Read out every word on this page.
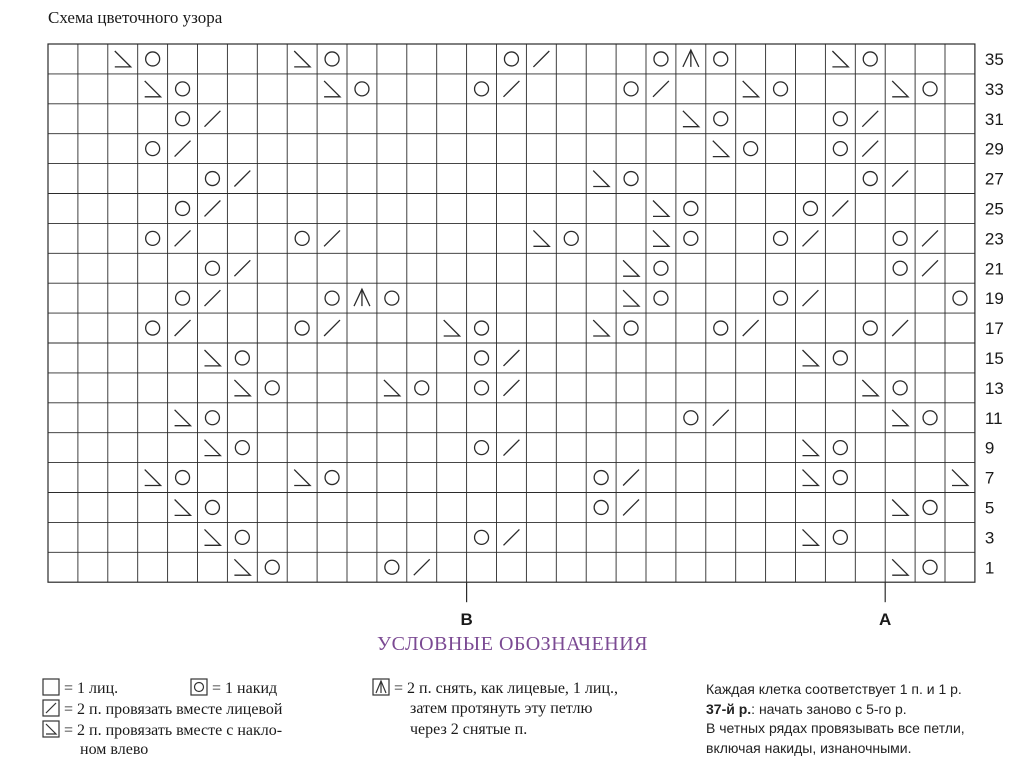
Схема цветочного узора
35
33
31
29
27
25
23
21
19
17
15
13
11
9
7
5
3
1
В	А
УСЛОВНЫЕ ОБОЗНАЧЕНИЯ
= 1 лиц.	= 1 накид
= 2 п. провязать вместе лицевой
= 2 п. провязать вместе с накло-
ном влево
= 2 п. снять, как лицевые, 1 лиц.,
затем протянуть эту петлю
через 2 снятые п.
Каждая клетка соответствует 1 п. и 1 р.
37-й р.: начать заново с 5-го р.
В четных рядах провязывать все петли,
включая накиды, изнаночными.
